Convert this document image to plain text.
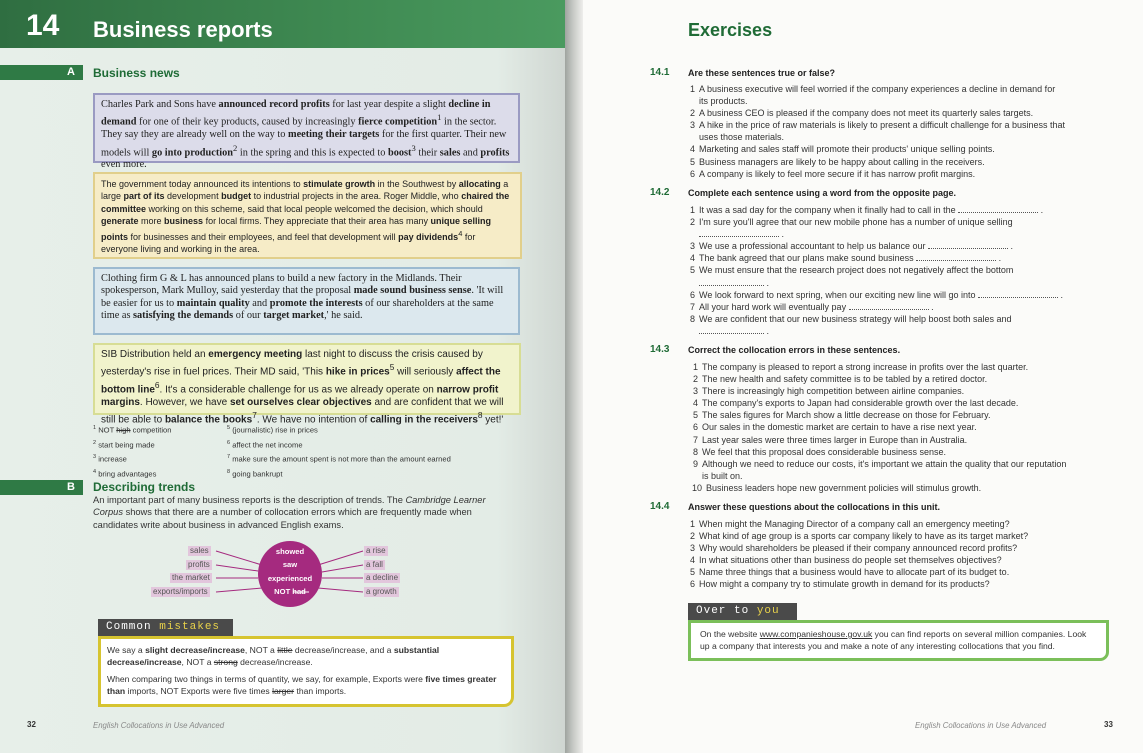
14 Business reports
A Business news
Charles Park and Sons have announced record profits for last year despite a slight decline in demand for one of their key products, caused by increasingly fierce competition$^1$ in the sector. They say they are already well on the way to meeting their targets for the first quarter. Their new models will go into production$^2$ in the spring and this is expected to boost$^3$ their sales and profits even more.
The government today announced its intentions to stimulate growth in the Southwest by allocating a large part of its development budget to industrial projects in the area. Roger Middle, who chaired the committee working on this scheme, said that local people welcomed the decision, which should generate more business for local firms. They appreciate that their area has many unique selling points for businesses and their employees, and feel that development will pay dividends$^4$ for everyone living and working in the area.
Clothing firm G & L has announced plans to build a new factory in the Midlands. Their spokesperson, Mark Mulloy, said yesterday that the proposal made sound business sense. 'It will be easier for us to maintain quality and promote the interests of our shareholders at the same time as satisfying the demands of our target market,' he said.
SIB Distribution held an emergency meeting last night to discuss the crisis caused by yesterday's rise in fuel prices. Their MD said, 'This hike in prices$^5$ will seriously affect the bottom line$^6$. It's a considerable challenge for us as we already operate on narrow profit margins. However, we have set ourselves clear objectives and are confident that we will still be able to balance the books$^7$. We have no intention of calling in the receivers$^8$ yet!'
$^1$ NOT high competition
$^2$ start being made
$^3$ increase
$^4$ bring advantages
$^5$ (journalistic) rise in prices
$^6$ affect the net income
$^7$ make sure the amount spent is not more than the amount earned
$^8$ going bankrupt
B Describing trends
An important part of many business reports is the description of trends. The Cambridge Learner Corpus shows that there are a number of collocation errors which are frequently made when candidates write about business in advanced English exams.
sales
profits
the market
exports/imports
showed
saw
experienced
NOT had
a rise
a fall
a decline
a growth
Common mistakes

We say a slight decrease/increase, NOT a little decrease/increase, and a substantial decrease/increase, NOT a strong decrease/increase.

When comparing two things in terms of quantity, we say, for example, Exports were five times greater than imports, NOT Exports were five times larger than imports.

32	English Collocations in Use Advanced
Exercises
14.1 Are these sentences true or false?
1 A business executive will feel worried if the company experiences a decline in demand for its products.
2 A business CEO is pleased if the company does not meet its quarterly sales targets.
3 A hike in the price of raw materials is likely to present a difficult challenge for a business that uses those materials.
4 Marketing and sales staff will promote their products' unique selling points.
5 Business managers are likely to be happy about calling in the receivers.
6 A company is likely to feel more secure if it has narrow profit margins.
14.2 Complete each sentence using a word from the opposite page.
1 It was a sad day for the company when it finally had to call in the	.
2 I'm sure you'll agree that our new mobile phone has a number of unique selling  .
3 We use a professional accountant to help us balance our	.
4 The bank agreed that our plans make sound business	.
5 We must ensure that the research project does not negatively affect the bottom  .
6 We look forward to next spring, when our exciting new line will go into	.
7 All your hard work will eventually pay	.
8 We are confident that our new business strategy will help boost both sales and  .
14.3 Correct the collocation errors in these sentences.
1 The company is pleased to report a strong increase in profits over the last quarter.
2 The new health and safety committee is to be tabled by a retired doctor.
3 There is increasingly high competition between airline companies.
4 The company's exports to Japan had considerable growth over the last decade.
5 The sales figures for March show a little decrease on those for February.
6 Our sales in the domestic market are certain to have a rise next year.
7 Last year sales were three times larger in Europe than in Australia.
8 We feel that this proposal does considerable business sense.
9 Although we need to reduce our costs, it's important we attain the quality that our reputation is built on.
10 Business leaders hope new government policies will stimulus growth.
14.4 Answer these questions about the collocations in this unit.
1 When might the Managing Director of a company call an emergency meeting?
2 What kind of age group is a sports car company likely to have as its target market?
3 Why would shareholders be pleased if their company announced record profits?
4 In what situations other than business do people set themselves objectives?
5 Name three things that a business would have to allocate part of its budget to.
6 How might a company try to stimulate growth in demand for its products?
Over to you
On the website www.companieshouse.gov.uk you can find reports on several million companies. Look up a company that interests you and make a note of any interesting collocations that you find.
English Collocations in Use Advanced	33
